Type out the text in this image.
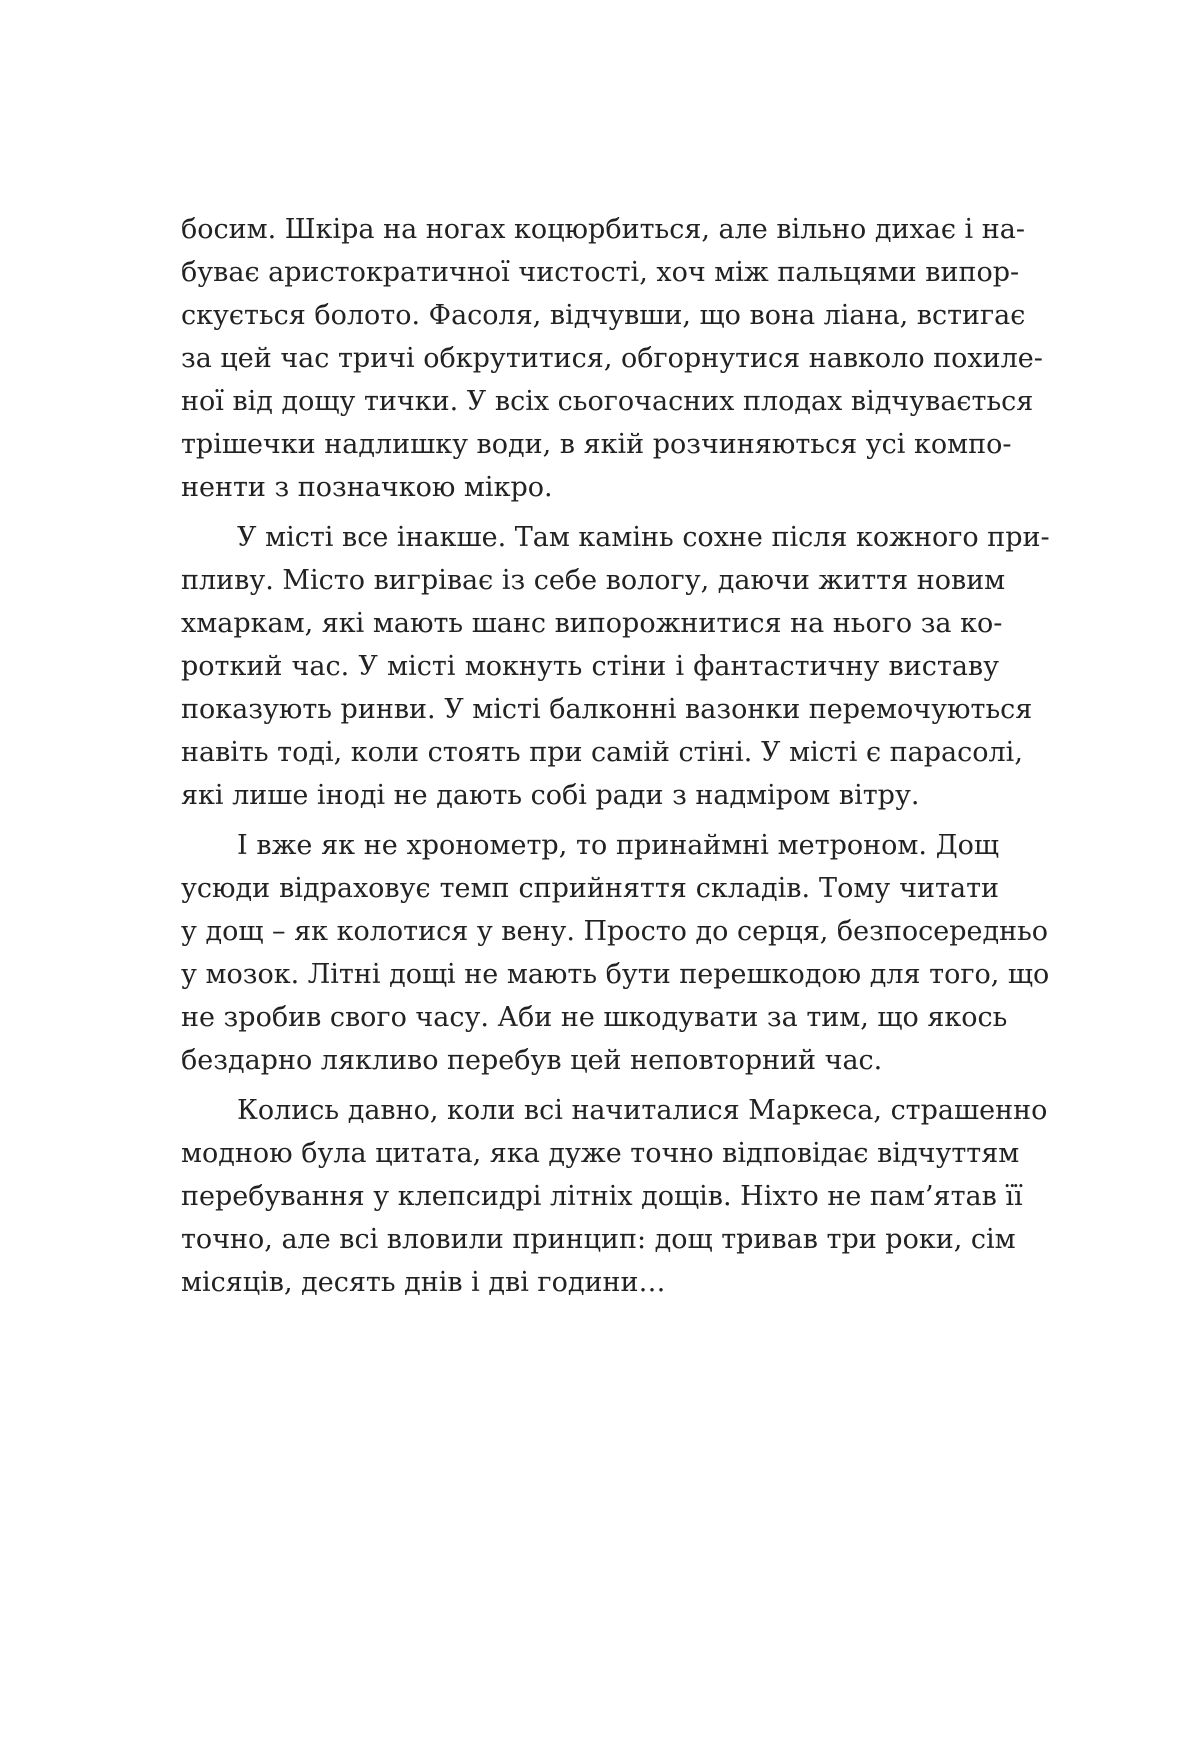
босим. Шкіра на ногах коцюрбиться, але вільно дихає і на-
буває аристократичної чистості, хоч між пальцями випор-
скується болото. Фасоля, відчувши, що вона ліана, встигає
за цей час тричі обкрутитися, обгорнутися навколо похиле-
ної від дощу тички. У всіх сьогочасних плодах відчувається
трішечки надлишку води, в якій розчиняються усі компо-
ненти з позначкою мікро.
У місті все інакше. Там камінь сохне після кожного при-
пливу. Місто вигріває із себе вологу, даючи життя новим
хмаркам, які мають шанс випорожнитися на нього за ко-
роткий час. У місті мокнуть стіни і фантастичну виставу
показують ринви. У місті балконні вазонки перемочуються
навіть тоді, коли стоять при самій стіні. У місті є парасолі,
які лише іноді не дають собі ради з надміром вітру.
І вже як не хронометр, то принаймні метроном. Дощ
усюди відраховує темп сприйняття складів. Тому читати
у дощ – як колотися у вену. Просто до серця, безпосередньо
у мозок. Літні дощі не мають бути перешкодою для того, що
не зробив свого часу. Аби не шкодувати за тим, що якось
бездарно лякливо перебув цей неповторний час.
Колись давно, коли всі начиталися Маркеса, страшенно
модною була цитата, яка дуже точно відповідає відчуттям
перебування у клепсидрі літніх дощів. Ніхто не пам’ятав її
точно, але всі вловили принцип: дощ тривав три роки, сім
місяців, десять днів і дві години…
